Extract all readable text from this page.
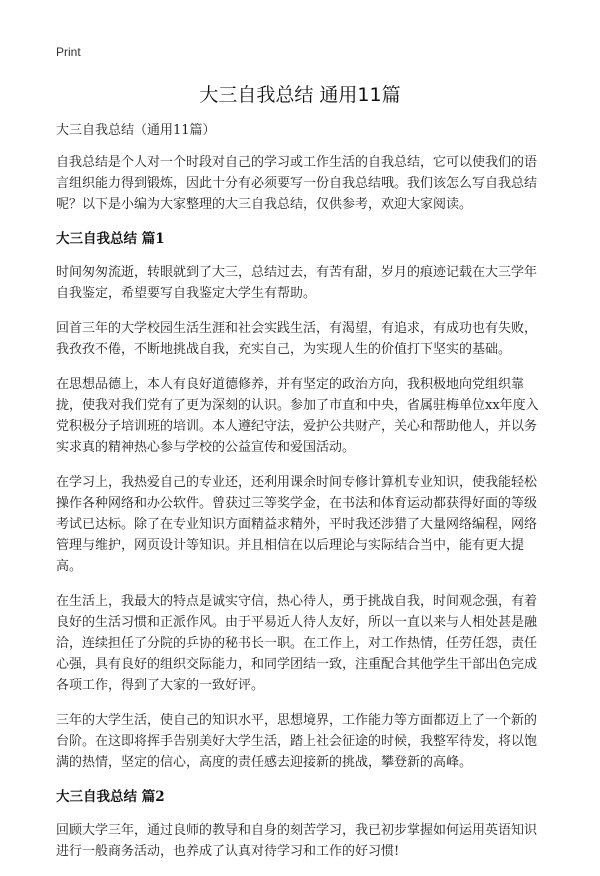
Print
大三自我总结 通用11篇

大三自我总结（通用11篇）

自我总结是个人对一个时段对自己的学习或工作生活的自我总结，它可以使我们的语言组织能力得到锻炼，因此十分有必须要写一份自我总结哦。我们该怎么写自我总结呢？以下是小编为大家整理的大三自我总结，仅供参考，欢迎大家阅读。

大三自我总结 篇1

时间匆匆流逝，转眼就到了大三，总结过去，有苦有甜，岁月的痕迹记载在大三学年自我鉴定，希望要写自我鉴定大学生有帮助。

回首三年的大学校园生活生涯和社会实践生活，有渴望，有追求，有成功也有失败，我孜孜不倦，不断地挑战自我，充实自己，为实现人生的价值打下坚实的基础。

在思想品德上，本人有良好道德修养，并有坚定的政治方向，我积极地向党组织靠拢，使我对我们党有了更为深刻的认识。参加了市直和中央，省属驻梅单位xx年度入党积极分子培训班的培训。本人遵纪守法，爱护公共财产，关心和帮助他人，并以务实求真的精神热心参与学校的公益宣传和爱国活动。

在学习上，我热爱自己的专业还，还利用课余时间专修计算机专业知识，使我能轻松操作各种网络和办公软件。曾获过三等奖学金，在书法和体育运动都获得好面的等级考试已达标。除了在专业知识方面精益求精外，平时我还涉猎了大量网络编程，网络管理与维护，网页设计等知识。并且相信在以后理论与实际结合当中，能有更大提高。

在生活上，我最大的特点是诚实守信，热心待人，勇于挑战自我，时间观念强，有着良好的生活习惯和正派作风。由于平易近人待人友好，所以一直以来与人相处甚是融洽，连续担任了分院的乒协的秘书长一职。在工作上，对工作热情，任劳任怨，责任心强，具有良好的组织交际能力，和同学团结一致，注重配合其他学生干部出色完成各项工作，得到了大家的一致好评。

三年的大学生活，使自己的知识水平，思想境界，工作能力等方面都迈上了一个新的台阶。在这即将挥手告别美好大学生活，踏上社会征途的时候，我整军待发，将以饱满的热情，坚定的信心，高度的责任感去迎接新的挑战，攀登新的高峰。

大三自我总结 篇2

回顾大学三年，通过良师的教导和自身的刻苦学习，我已初步掌握如何运用英语知识进行一般商务活动，也养成了认真对待学习和工作的好习惯!
